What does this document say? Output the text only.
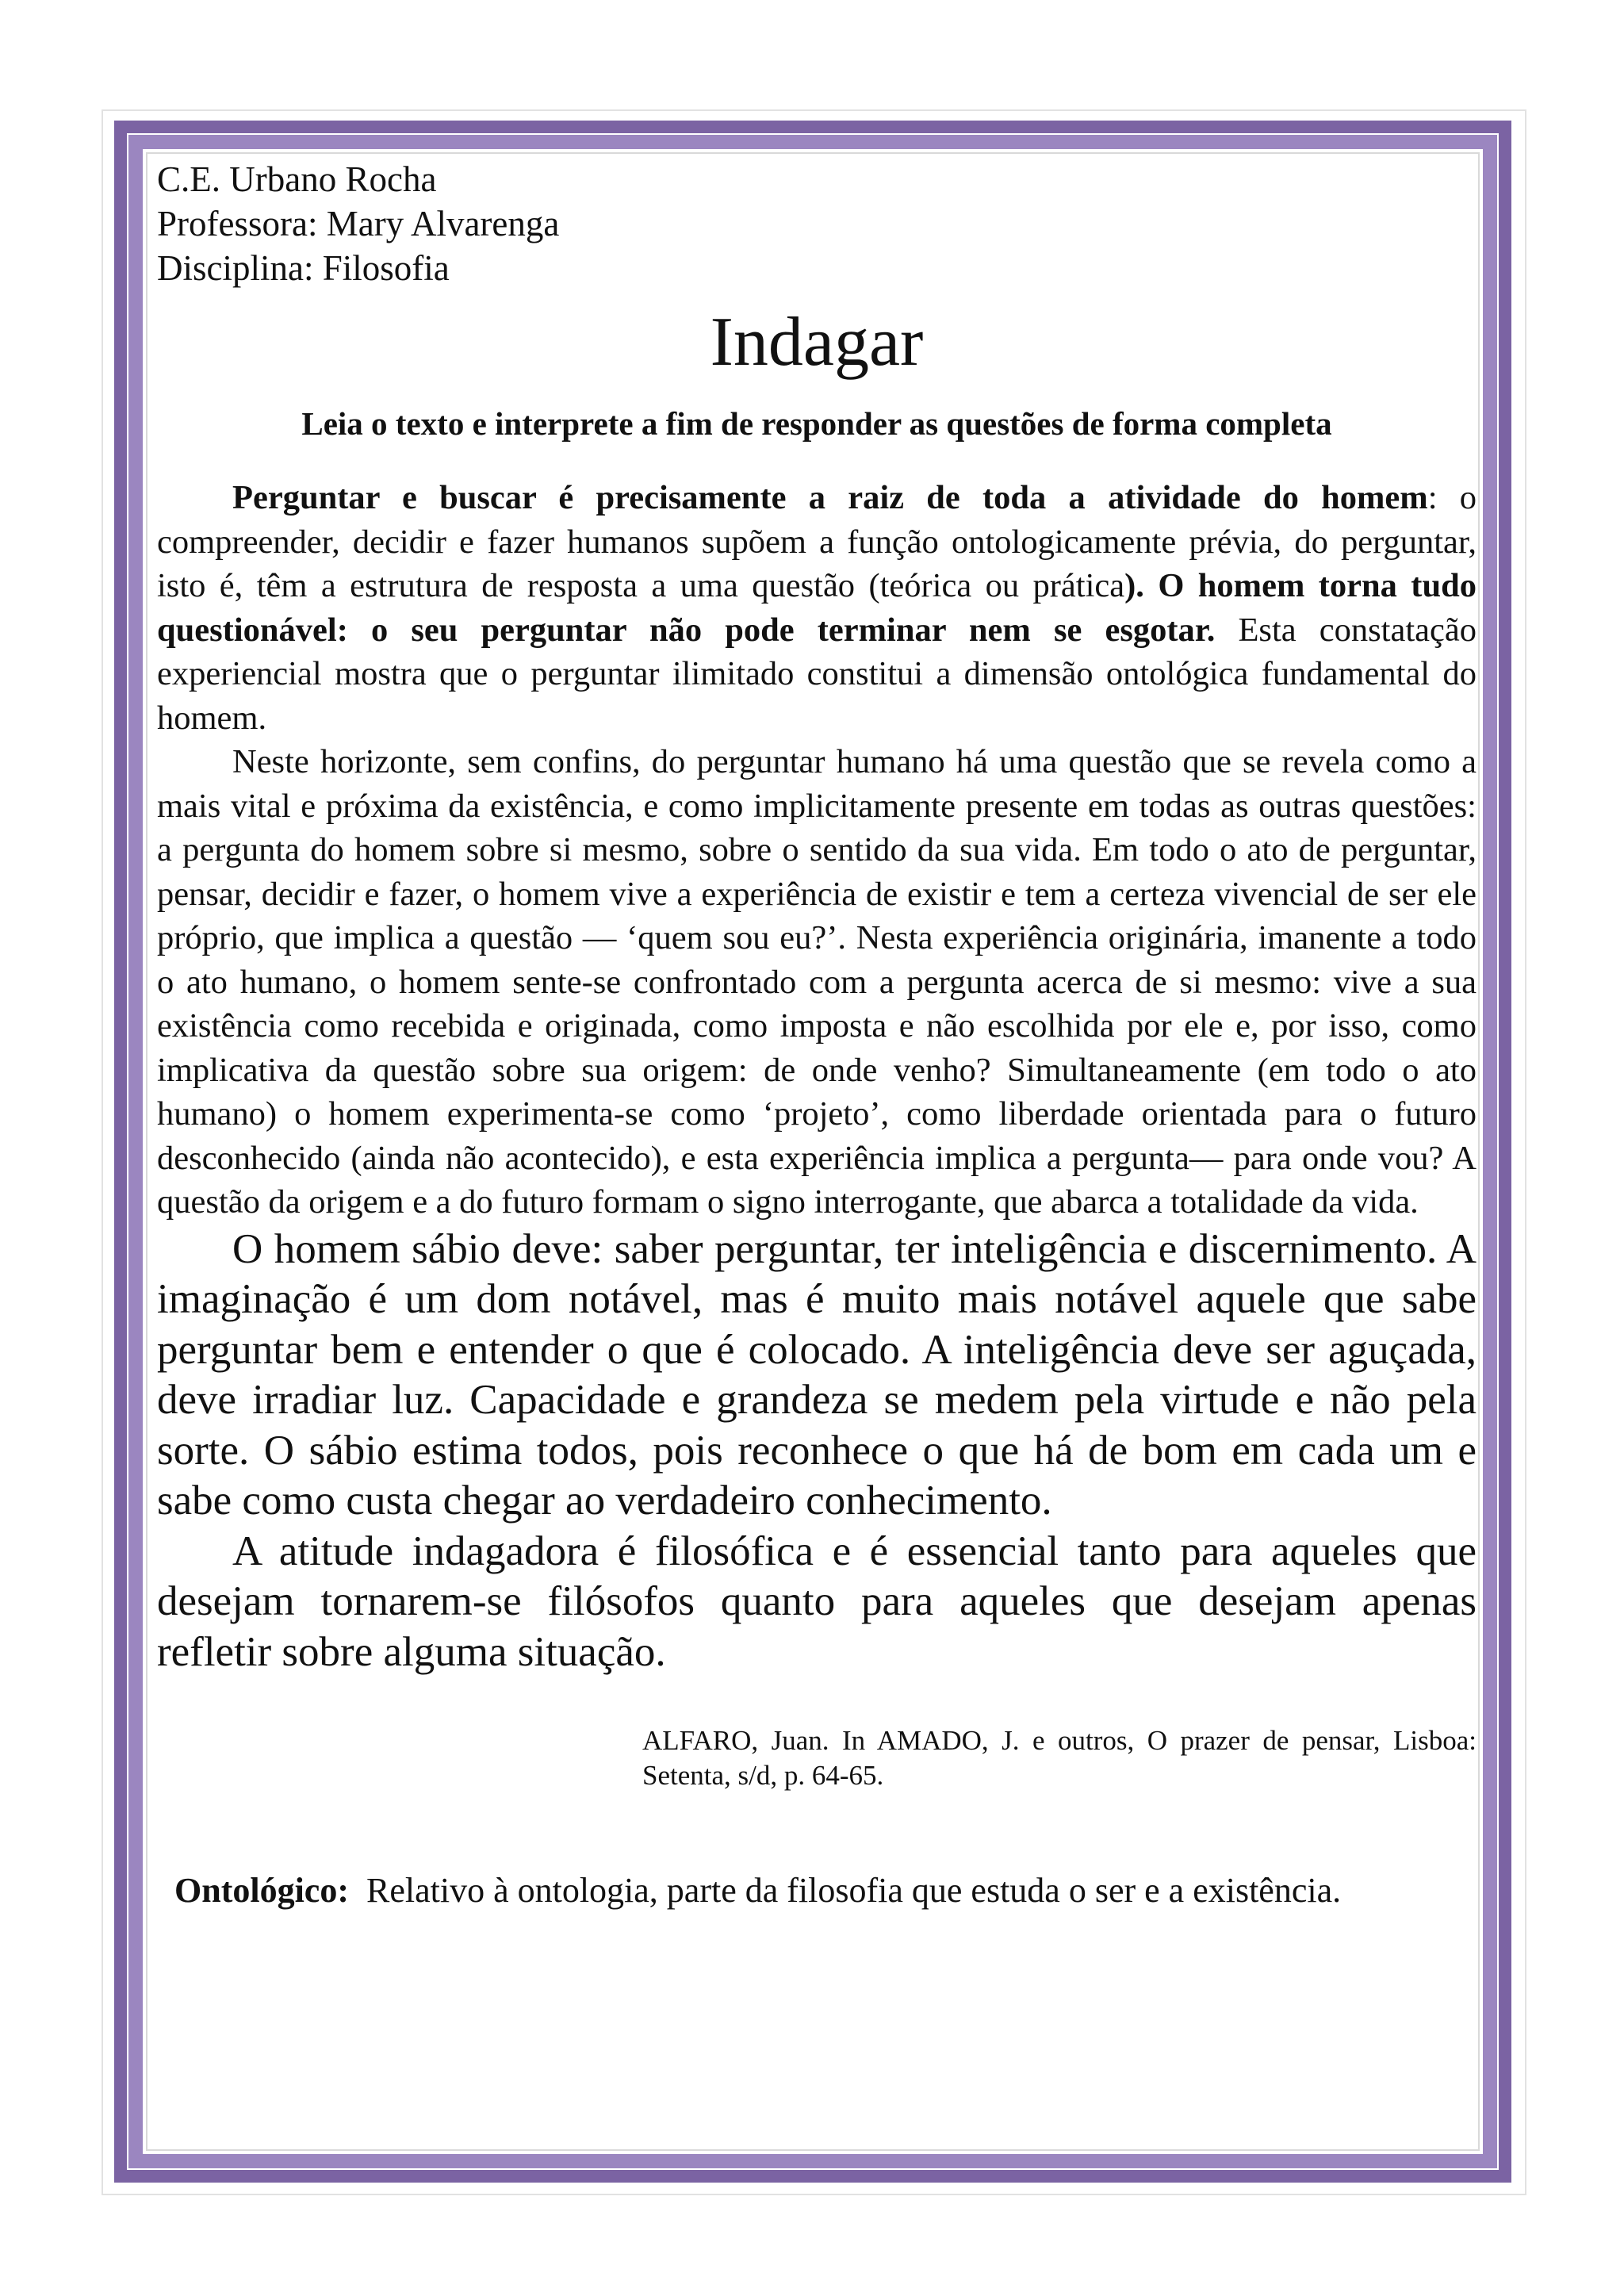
C.E. Urbano Rocha

Professora: Mary Alvarenga

Disciplina: Filosofia

Indagar

Leia o texto e interprete a fim de responder as questões de forma completa

Perguntar e buscar é precisamente a raiz de toda a atividade do homem: o compreender, decidir e fazer humanos supõem a função ontologicamente prévia, do perguntar, isto é, têm a estrutura de resposta a uma questão (teórica ou prática). O homem torna tudo questionável: o seu perguntar não pode terminar nem se esgotar. Esta constatação experiencial mostra que o perguntar ilimitado constitui a dimensão ontológica fundamental do homem.

Neste horizonte, sem confins, do perguntar humano há uma questão que se revela como a mais vital e próxima da existência, e como implicitamente presente em todas as outras questões: a pergunta do homem sobre si mesmo, sobre o sentido da sua vida. Em todo o ato de perguntar, pensar, decidir e fazer, o homem vive a experiência de existir e tem a certeza vivencial de ser ele próprio, que implica a questão — ‘quem sou eu?’. Nesta experiência originária, imanente a todo o ato humano, o homem sente-se confrontado com a pergunta acerca de si mesmo: vive a sua existência como recebida e originada, como imposta e não escolhida por ele e, por isso, como implicativa da questão sobre sua origem: de onde venho? Simultaneamente (em todo o ato humano) o homem experimenta-se como ‘projeto’, como liberdade orientada para o futuro desconhecido (ainda não acontecido), e esta experiência implica a pergunta— para onde vou? A questão da origem e a do futuro formam o signo interrogante, que abarca a totalidade da vida.

O homem sábio deve: saber perguntar, ter inteligência e discernimento. A imaginação é um dom notável, mas é muito mais notável aquele que sabe perguntar bem e entender o que é colocado. A inteligência deve ser aguçada, deve irradiar luz. Capacidade e grandeza se medem pela virtude e não pela sorte. O sábio estima todos, pois reconhece o que há de bom em cada um e sabe como custa chegar ao verdadeiro conhecimento.

A atitude indagadora é filosófica e é essencial tanto para aqueles que desejam tornarem-se filósofos quanto para aqueles que desejam apenas refletir sobre alguma situação.

ALFARO, Juan. In AMADO, J. e outros, O prazer de pensar, Lisboa: Setenta, s/d, p. 64-65.

Ontológico: Relativo à ontologia, parte da filosofia que estuda o ser e a existência.
